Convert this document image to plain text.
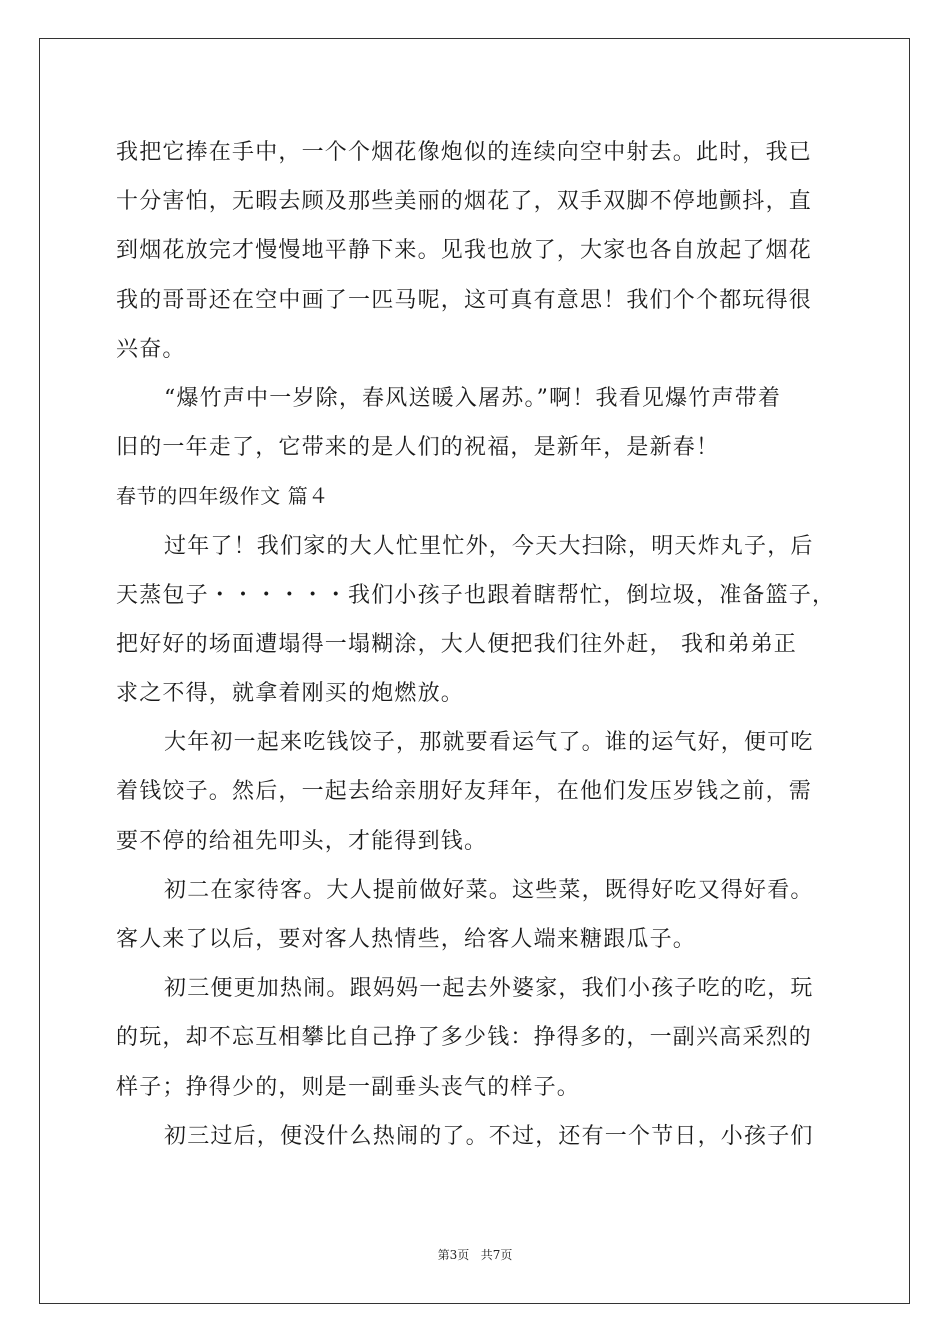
我把它捧在手中，一个个烟花像炮似的连续向空中射去。此时，我已
十分害怕，无暇去顾及那些美丽的烟花了，双手双脚不停地颤抖，直
到烟花放完才慢慢地平静下来。见我也放了，大家也各自放起了烟花
我的哥哥还在空中画了一匹马呢，这可真有意思！我们个个都玩得很
兴奋。
“爆竹声中一岁除，春风送暖入屠苏。”啊！我看见爆竹声带着
旧的一年走了，它带来的是人们的祝福，是新年，是新春！
春节的四年级作文 篇４
过年了！我们家的大人忙里忙外，今天大扫除，明天炸丸子，后
天蒸包子・・・・・・我们小孩子也跟着瞎帮忙，倒垃圾，准备篮子，
把好好的场面遭塌得一塌糊涂，大人便把我们往外赶， 我和弟弟正
求之不得，就拿着刚买的炮燃放。
大年初一起来吃钱饺子，那就要看运气了。谁的运气好，便可吃
着钱饺子。然后，一起去给亲朋好友拜年，在他们发压岁钱之前，需
要不停的给祖先叩头，才能得到钱。
初二在家待客。大人提前做好菜。这些菜，既得好吃又得好看。
客人来了以后，要对客人热情些，给客人端来糖跟瓜子。
初三便更加热闹。跟妈妈一起去外婆家，我们小孩子吃的吃，玩
的玩，却不忘互相攀比自己挣了多少钱：挣得多的，一副兴高采烈的
样子；挣得少的，则是一副垂头丧气的样子。
初三过后，便没什么热闹的了。不过，还有一个节日，小孩子们
第3页   共7页
